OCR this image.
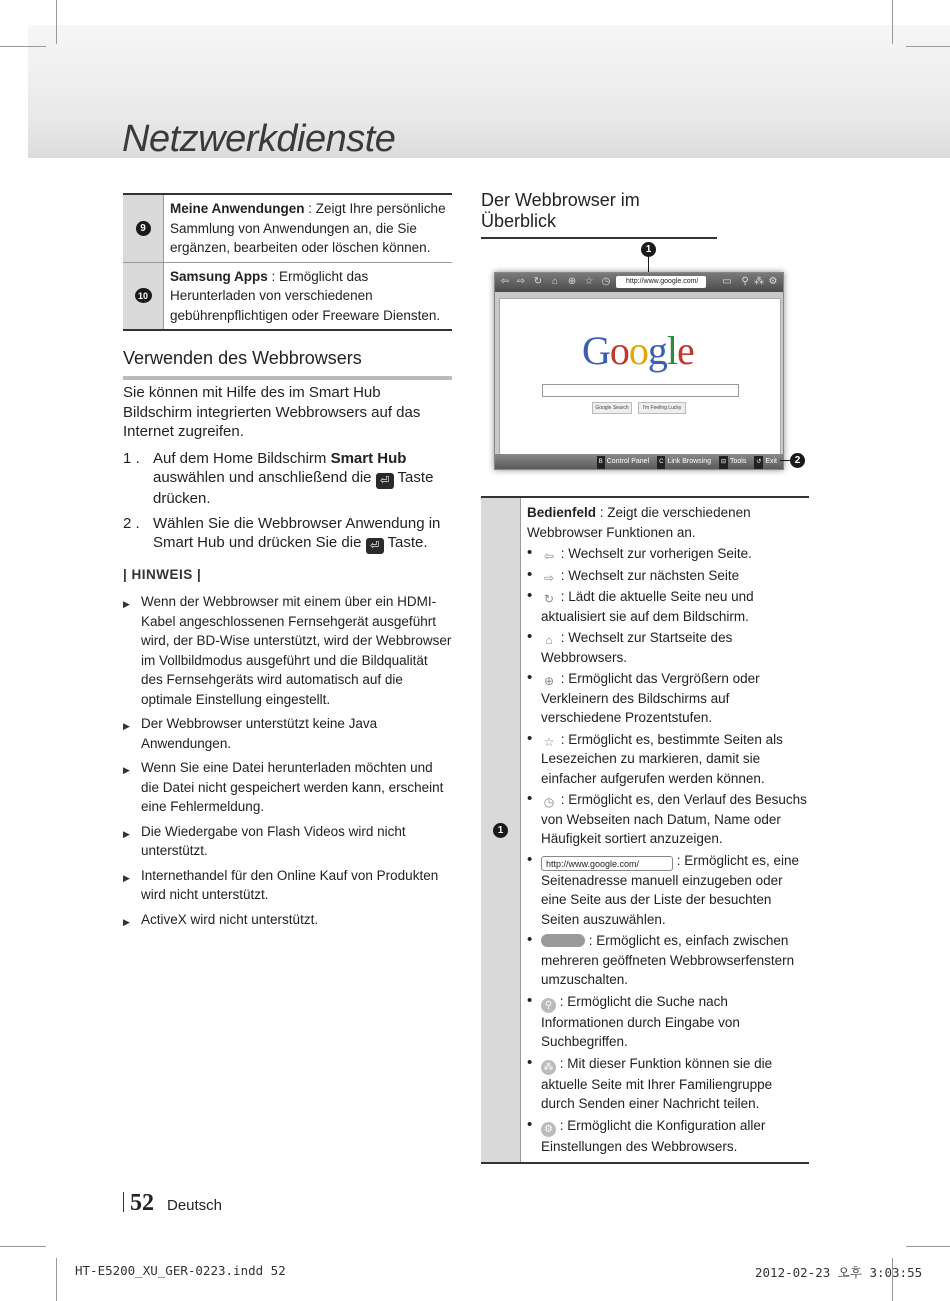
Netzwerkdienste
9
Meine Anwendungen : Zeigt Ihre persönliche Sammlung von Anwendungen an, die Sie ergänzen, bearbeiten oder löschen können.
10
Samsung Apps : Ermöglicht das Herunterladen von verschiedenen gebührenpflichtigen oder Freeware Diensten.
Verwenden des Webbrowsers
Sie können mit Hilfe des im Smart Hub Bildschirm integrierten Webbrowsers auf das Internet zugreifen.
1 . Auf dem Home Bildschirm Smart Hub auswählen und anschließend die ⏎ Taste drücken.
2 . Wählen Sie die Webbrowser Anwendung in Smart Hub und drücken Sie die ⏎ Taste.
| HINWEIS |
▶ Wenn der Webbrowser mit einem über ein HDMI-Kabel angeschlossenen Fernsehgerät ausgeführt wird, der BD-Wise unterstützt, wird der Webbrowser im Vollbildmodus ausgeführt und die Bildqualität des Fernsehgeräts wird automatisch auf die optimale Einstellung eingestellt.
▶ Der Webbrowser unterstützt keine Java Anwendungen.
▶ Wenn Sie eine Datei herunterladen möchten und die Datei nicht gespeichert werden kann, erscheint eine Fehlermeldung.
▶ Die Wiedergabe von Flash Videos wird nicht unterstützt.
▶ Internethandel für den Online Kauf von Produkten wird nicht unterstützt.
▶ ActiveX wird nicht unterstützt.
Der Webbrowser im Überblick
1
⇦ ⇨ ↻ ⌂ ⊕ ☆ ◷	http://www.google.com/	▭ ⚲ ⁂ ⚙
Google
Google Search	I'm Feeling Lucky
B Control Panel C Link Browsing ⊟ Tools ↺ Exit	2
1
Bedienfeld : Zeigt die verschiedenen Webbrowser Funktionen an.
• ⇦ : Wechselt zur vorherigen Seite.
• ⇨ : Wechselt zur nächsten Seite
• ↻ : Lädt die aktuelle Seite neu und aktualisiert sie auf dem Bildschirm.
•	⌂ : Wechselt zur Startseite des Webbrowsers.
• ⊕ : Ermöglicht das Vergrößern oder Verkleinern des Bildschirms auf verschiedene Prozentstufen.
• ☆ : Ermöglicht es, bestimmte Seiten als Lesezeichen zu markieren, damit sie einfacher aufgerufen werden können.
• ◷ : Ermöglicht es, den Verlauf des Besuchs von Webseiten nach Datum, Name oder Häufigkeit sortiert anzuzeigen.
•	http://www.google.com/	: Ermöglicht es, eine Seitenadresse manuell einzugeben oder eine Seite aus der Liste der besuchten Seiten auszuwählen.
•	: Ermöglicht es, einfach zwischen mehreren geöffneten Webbrowserfenstern umzuschalten.
•	⚲ : Ermöglicht die Suche nach Informationen durch Eingabe von Suchbegriffen.
•	⁂ : Mit dieser Funktion können sie die aktuelle Seite mit Ihrer Familiengruppe durch Senden einer Nachricht teilen.
•	⚙ : Ermöglicht die Konfiguration aller Einstellungen des Webbrowsers.
52 Deutsch
HT-E5200_XU_GER-0223.indd 52	2012-02-23 오후 3:03:55
